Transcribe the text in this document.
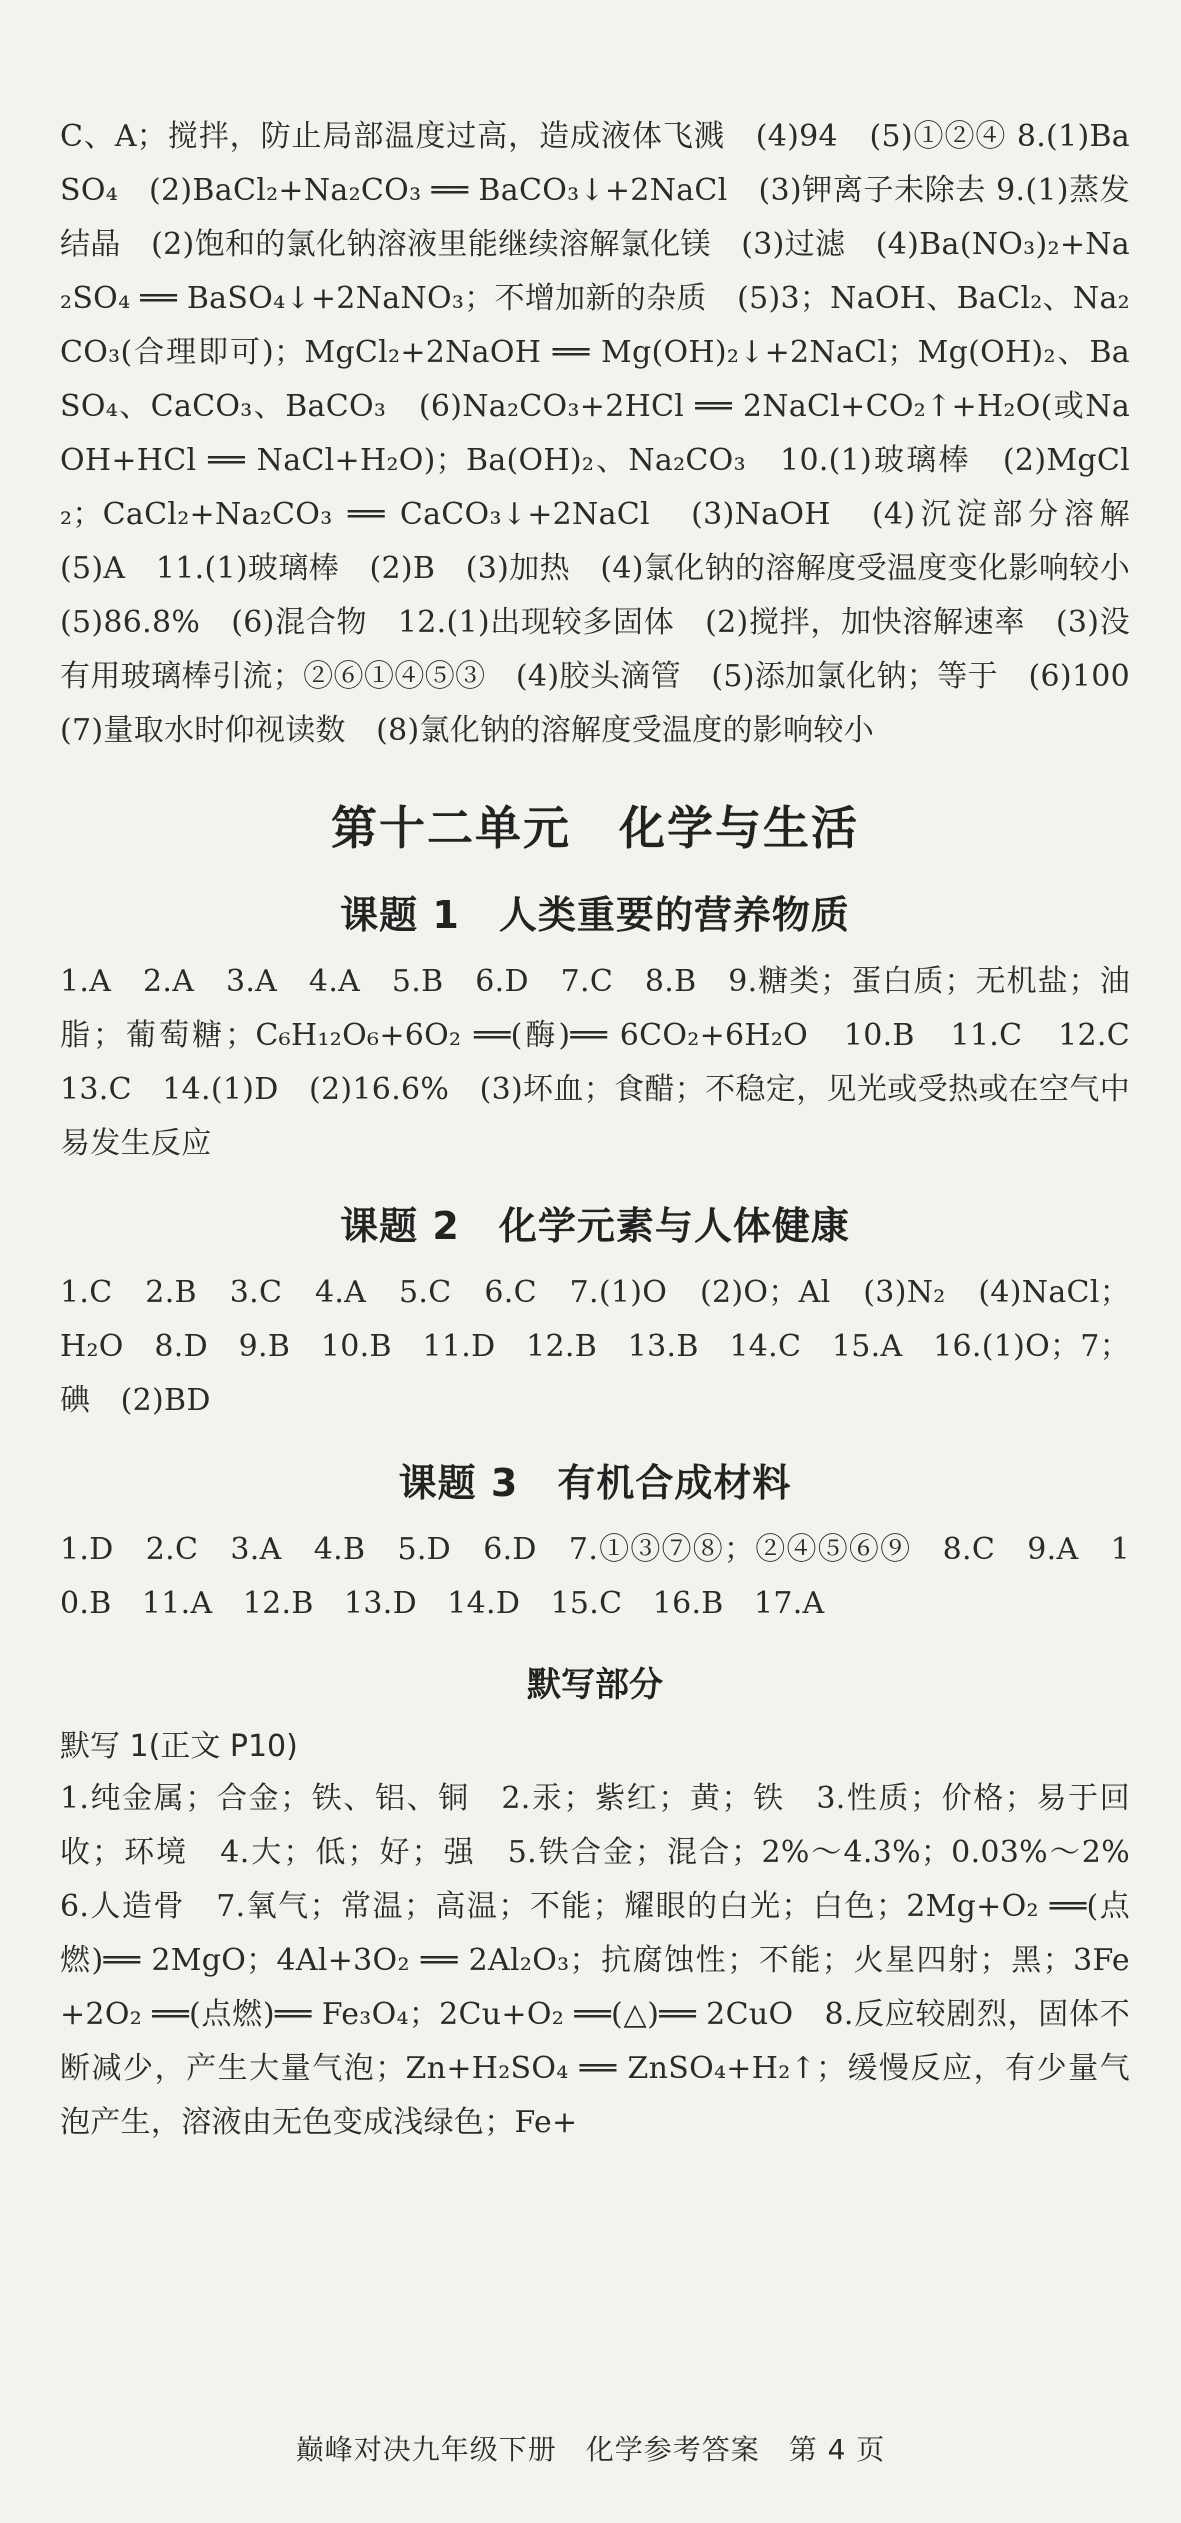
C、A；搅拌，防止局部温度过高，造成液体飞溅　(4)94　(5)①②④ 8.(1)BaSO₄　(2)BaCl₂+Na₂CO₃ ══ BaCO₃↓+2NaCl　(3)钾离子未除去 9.(1)蒸发结晶　(2)饱和的氯化钠溶液里能继续溶解氯化镁　(3)过滤　(4)Ba(NO₃)₂+Na₂SO₄ ══ BaSO₄↓+2NaNO₃；不增加新的杂质　(5)3；NaOH、BaCl₂、Na₂CO₃(合理即可)；MgCl₂+2NaOH ══ Mg(OH)₂↓+2NaCl；Mg(OH)₂、BaSO₄、CaCO₃、BaCO₃　(6)Na₂CO₃+2HCl ══ 2NaCl+CO₂↑+H₂O(或NaOH+HCl ══ NaCl+H₂O)；Ba(OH)₂、Na₂CO₃　10.(1)玻璃棒　(2)MgCl₂；CaCl₂+Na₂CO₃ ══ CaCO₃↓+2NaCl　(3)NaOH　(4)沉淀部分溶解　(5)A　11.(1)玻璃棒　(2)B　(3)加热　(4)氯化钠的溶解度受温度变化影响较小　(5)86.8%　(6)混合物　12.(1)出现较多固体　(2)搅拌，加快溶解速率　(3)没有用玻璃棒引流；②⑥①④⑤③　(4)胶头滴管　(5)添加氯化钠；等于　(6)100　(7)量取水时仰视读数　(8)氯化钠的溶解度受温度的影响较小

第十二单元　化学与生活
课题 1　人类重要的营养物质

1.A　2.A　3.A　4.A　5.B　6.D　7.C　8.B　9.糖类；蛋白质；无机盐；油脂；葡萄糖；C₆H₁₂O₆+6O₂ ══(酶)══ 6CO₂+6H₂O　10.B　11.C　12.C　13.C　14.(1)D　(2)16.6%　(3)坏血；食醋；不稳定，见光或受热或在空气中易发生反应

课题 2　化学元素与人体健康

1.C　2.B　3.C　4.A　5.C　6.C　7.(1)O　(2)O；Al　(3)N₂　(4)NaCl；H₂O　8.D　9.B　10.B　11.D　12.B　13.B　14.C　15.A　16.(1)O；7；碘　(2)BD

课题 3　有机合成材料

1.D　2.C　3.A　4.B　5.D　6.D　7.①③⑦⑧；②④⑤⑥⑨　8.C　9.A　10.B　11.A　12.B　13.D　14.D　15.C　16.B　17.A

默写部分
默写 1(正文 P10)

1.纯金属；合金；铁、铝、铜　2.汞；紫红；黄；铁　3.性质；价格；易于回收；环境　4.大；低；好；强　5.铁合金；混合；2%～4.3%；0.03%～2%　6.人造骨　7.氧气；常温；高温；不能；耀眼的白光；白色；2Mg+O₂ ══(点燃)══ 2MgO；4Al+3O₂ ══ 2Al₂O₃；抗腐蚀性；不能；火星四射；黑；3Fe+2O₂ ══(点燃)══ Fe₃O₄；2Cu+O₂ ══(△)══ 2CuO　8.反应较剧烈，固体不断减少，产生大量气泡；Zn+H₂SO₄ ══ ZnSO₄+H₂↑；缓慢反应，有少量气泡产生，溶液由无色变成浅绿色；Fe+

巅峰对决九年级下册　化学参考答案　第 4 页
